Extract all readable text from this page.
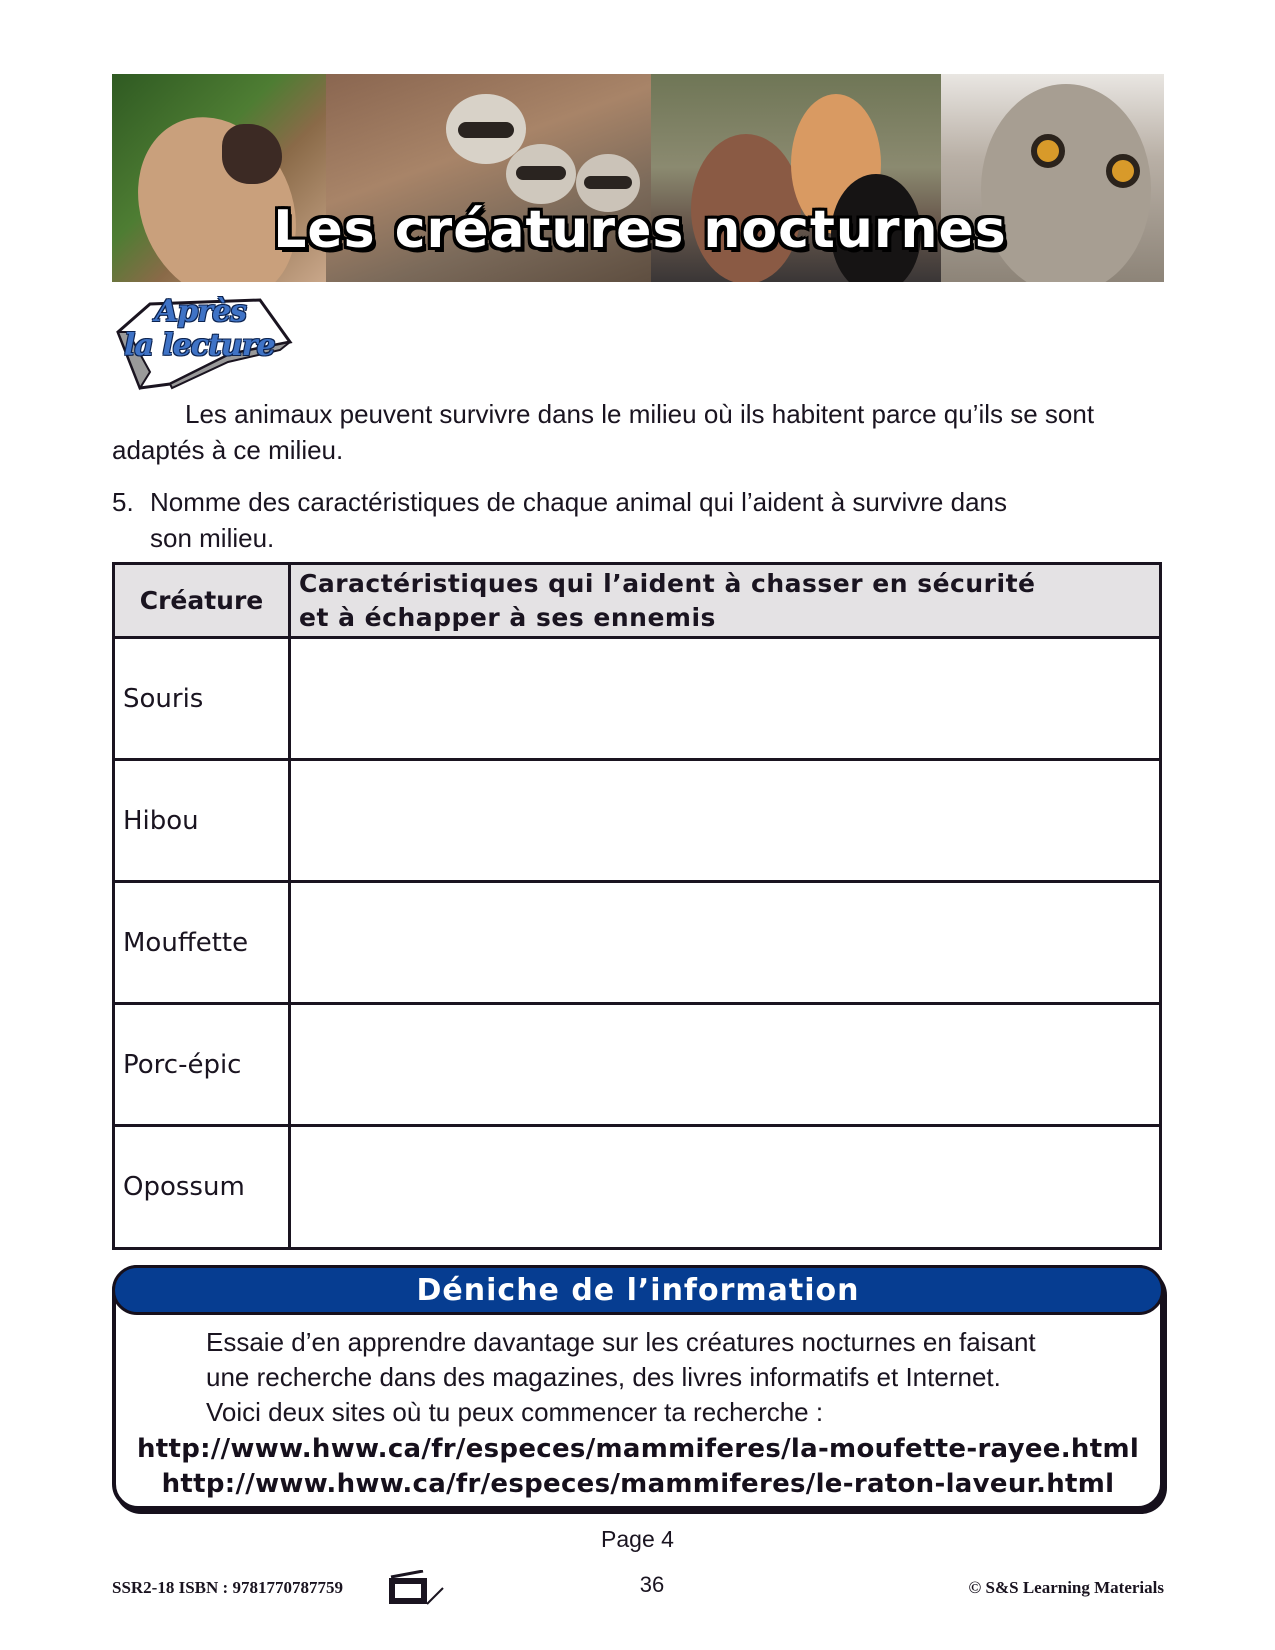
Les créatures nocturnes
Après
la lecture

Les animaux peuvent survivre dans le milieu où ils habitent parce qu’ils se sont adaptés à ce milieu.

5. Nomme des caractéristiques de chaque animal qui l’aident à survivre dans
son milieu.
Créature	Caractéristiques qui l’aident à chasser en sécurité
et à échapper à ses ennemis
Souris	
Hibou	
Mouffette	
Porc-épic	
Opossum	
Déniche de l’information
Essaie d’en apprendre davantage sur les créatures nocturnes en faisant
une recherche dans des magazines, des livres informatifs et Internet.
Voici deux sites où tu peux commencer ta recherche :
http://www.hww.ca/fr/especes/mammiferes/la-moufette-rayee.html
http://www.hww.ca/fr/especes/mammiferes/le-raton-laveur.html
Page 4
SSR2-18 ISBN : 9781770787759	36	© S&S Learning Materials
